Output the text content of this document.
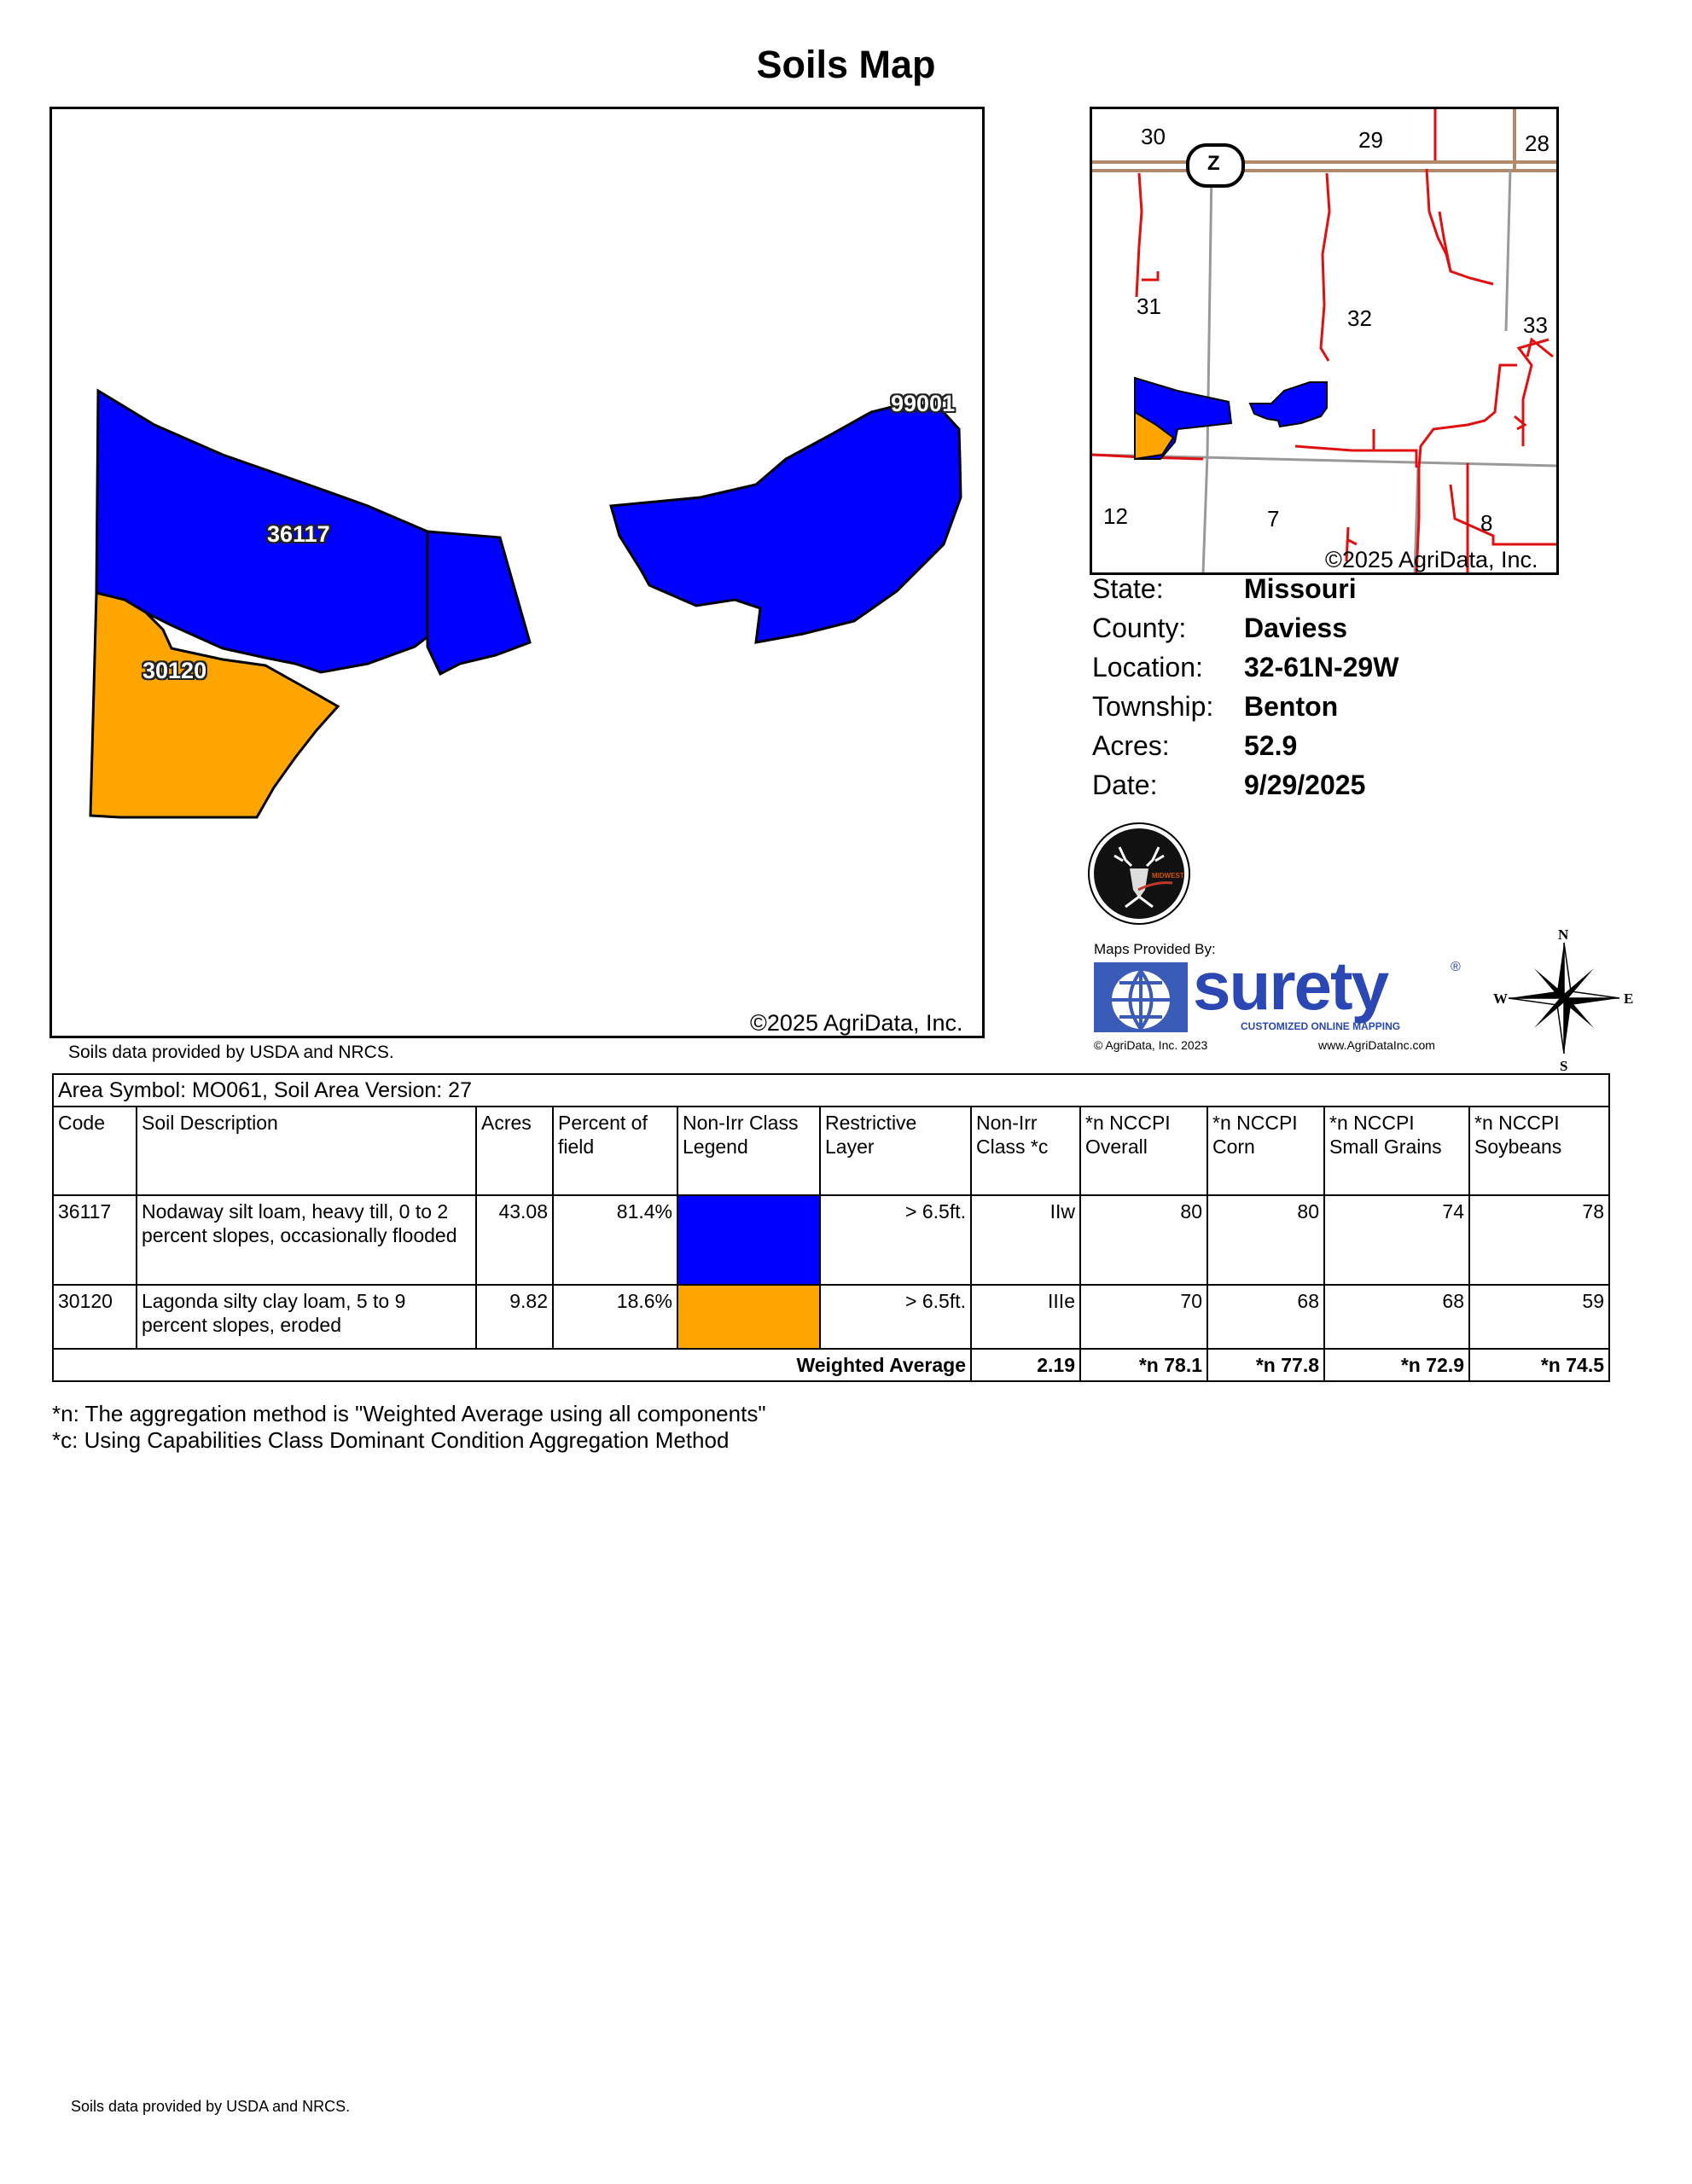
Soils Map
36117
30120
99001
©2025 AgriData, Inc.
Z
30	29	28
31	32	33
12	7	8
©2025 AgriData, Inc.
State:	Missouri
County: Daviess
Location: 32-61N-29W
Township: Benton
Acres:	52.9
Date:	9/29/2025
MIDWEST
Maps Provided By:
surety	®
CUSTOMIZED ONLINE MAPPING
© AgriData, Inc. 2023	www.AgriDataInc.com
N
S
W	E
Soils data provided by USDA and NRCS.
Area Symbol: MO061, Soil Area Version: 27										
Code	Soil Description	Acres	Percent of field	Non-Irr Class Legend	Restrictive Layer	Non-Irr Class *c	*n NCCPI Overall	*n NCCPI Corn	*n NCCPI Small Grains	*n NCCPI Soybeans
36117	Nodaway silt loam, heavy till, 0 to 2 percent slopes, occasionally flooded	43.08	81.4%		> 6.5ft.	IIw	80	80	74	78
30120	Lagonda silty clay loam, 5 to 9 percent slopes, eroded	9.82	18.6%		> 6.5ft.	IIIe	70	68	68	59
Weighted Average						2.19	*n 78.1	*n 77.8	*n 72.9	*n 74.5
*n: The aggregation method is "Weighted Average using all components"
*c: Using Capabilities Class Dominant Condition Aggregation Method
Soils data provided by USDA and NRCS.
